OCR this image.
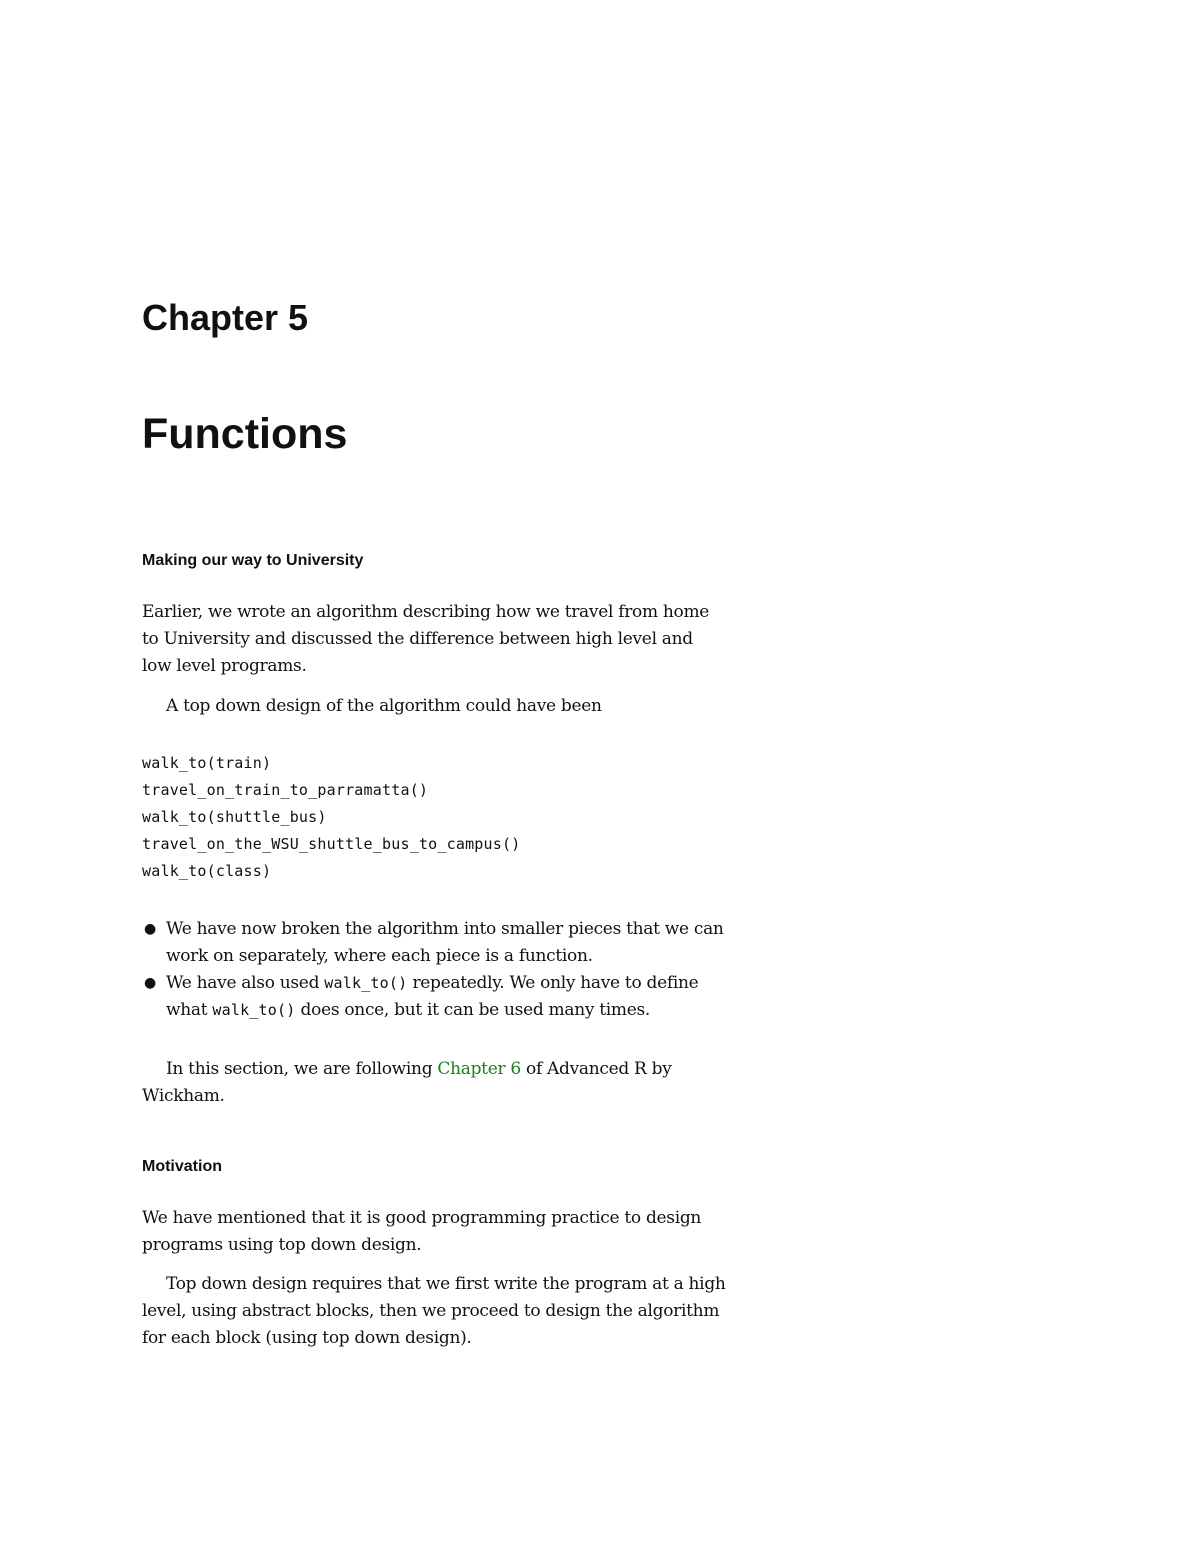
Chapter 5
Functions
Making our way to University

Earlier, we wrote an algorithm describing how we travel from home
to University and discussed the difference between high level and
low level programs.

A top down design of the algorithm could have been

walk_to(train)
travel_on_train_to_parramatta()
walk_to(shuttle_bus)
travel_on_the_WSU_shuttle_bus_to_campus()
walk_to(class)
● We have now broken the algorithm into smaller pieces that we can
work on separately, where each piece is a function.
● We have also used walk_to() repeatedly. We only have to define
what walk_to() does once, but it can be used many times.

In this section, we are following Chapter 6 of Advanced R by

Wickham.

Motivation

We have mentioned that it is good programming practice to design
programs using top down design.

Top down design requires that we first write the program at a high
level, using abstract blocks, then we proceed to design the algorithm
for each block (using top down design).
